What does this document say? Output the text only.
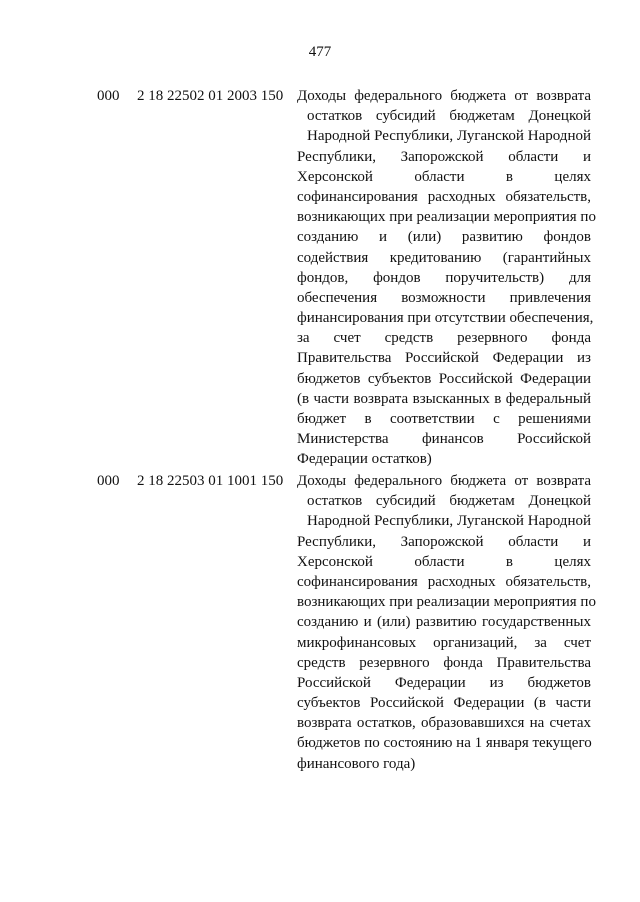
477
000 2 18 22502 01 2003 150 Доходы федерального бюджета от возврата
остатков субсидий бюджетам Донецкой
Народной Республики, Луганской Народной
Республики, Запорожской области и
Херсонской области в целях
софинансирования расходных обязательств,
возникающих при реализации мероприятия по
созданию и (или) развитию фондов
содействия кредитованию (гарантийных
фондов, фондов поручительств) для
обеспечения возможности привлечения
финансирования при отсутствии обеспечения,
за счет средств резервного фонда
Правительства Российской Федерации из
бюджетов субъектов Российской Федерации
(в части возврата взысканных в федеральный
бюджет в соответствии с решениями
Министерства финансов Российской
Федерации остатков)
000 2 18 22503 01 1001 150 Доходы федерального бюджета от возврата
остатков субсидий бюджетам Донецкой
Народной Республики, Луганской Народной
Республики, Запорожской области и
Херсонской области в целях
софинансирования расходных обязательств,
возникающих при реализации мероприятия по
созданию и (или) развитию государственных
микрофинансовых организаций, за счет
средств резервного фонда Правительства
Российской Федерации из бюджетов
субъектов Российской Федерации (в части
возврата остатков, образовавшихся на счетах
бюджетов по состоянию на 1 января текущего
финансового года)
